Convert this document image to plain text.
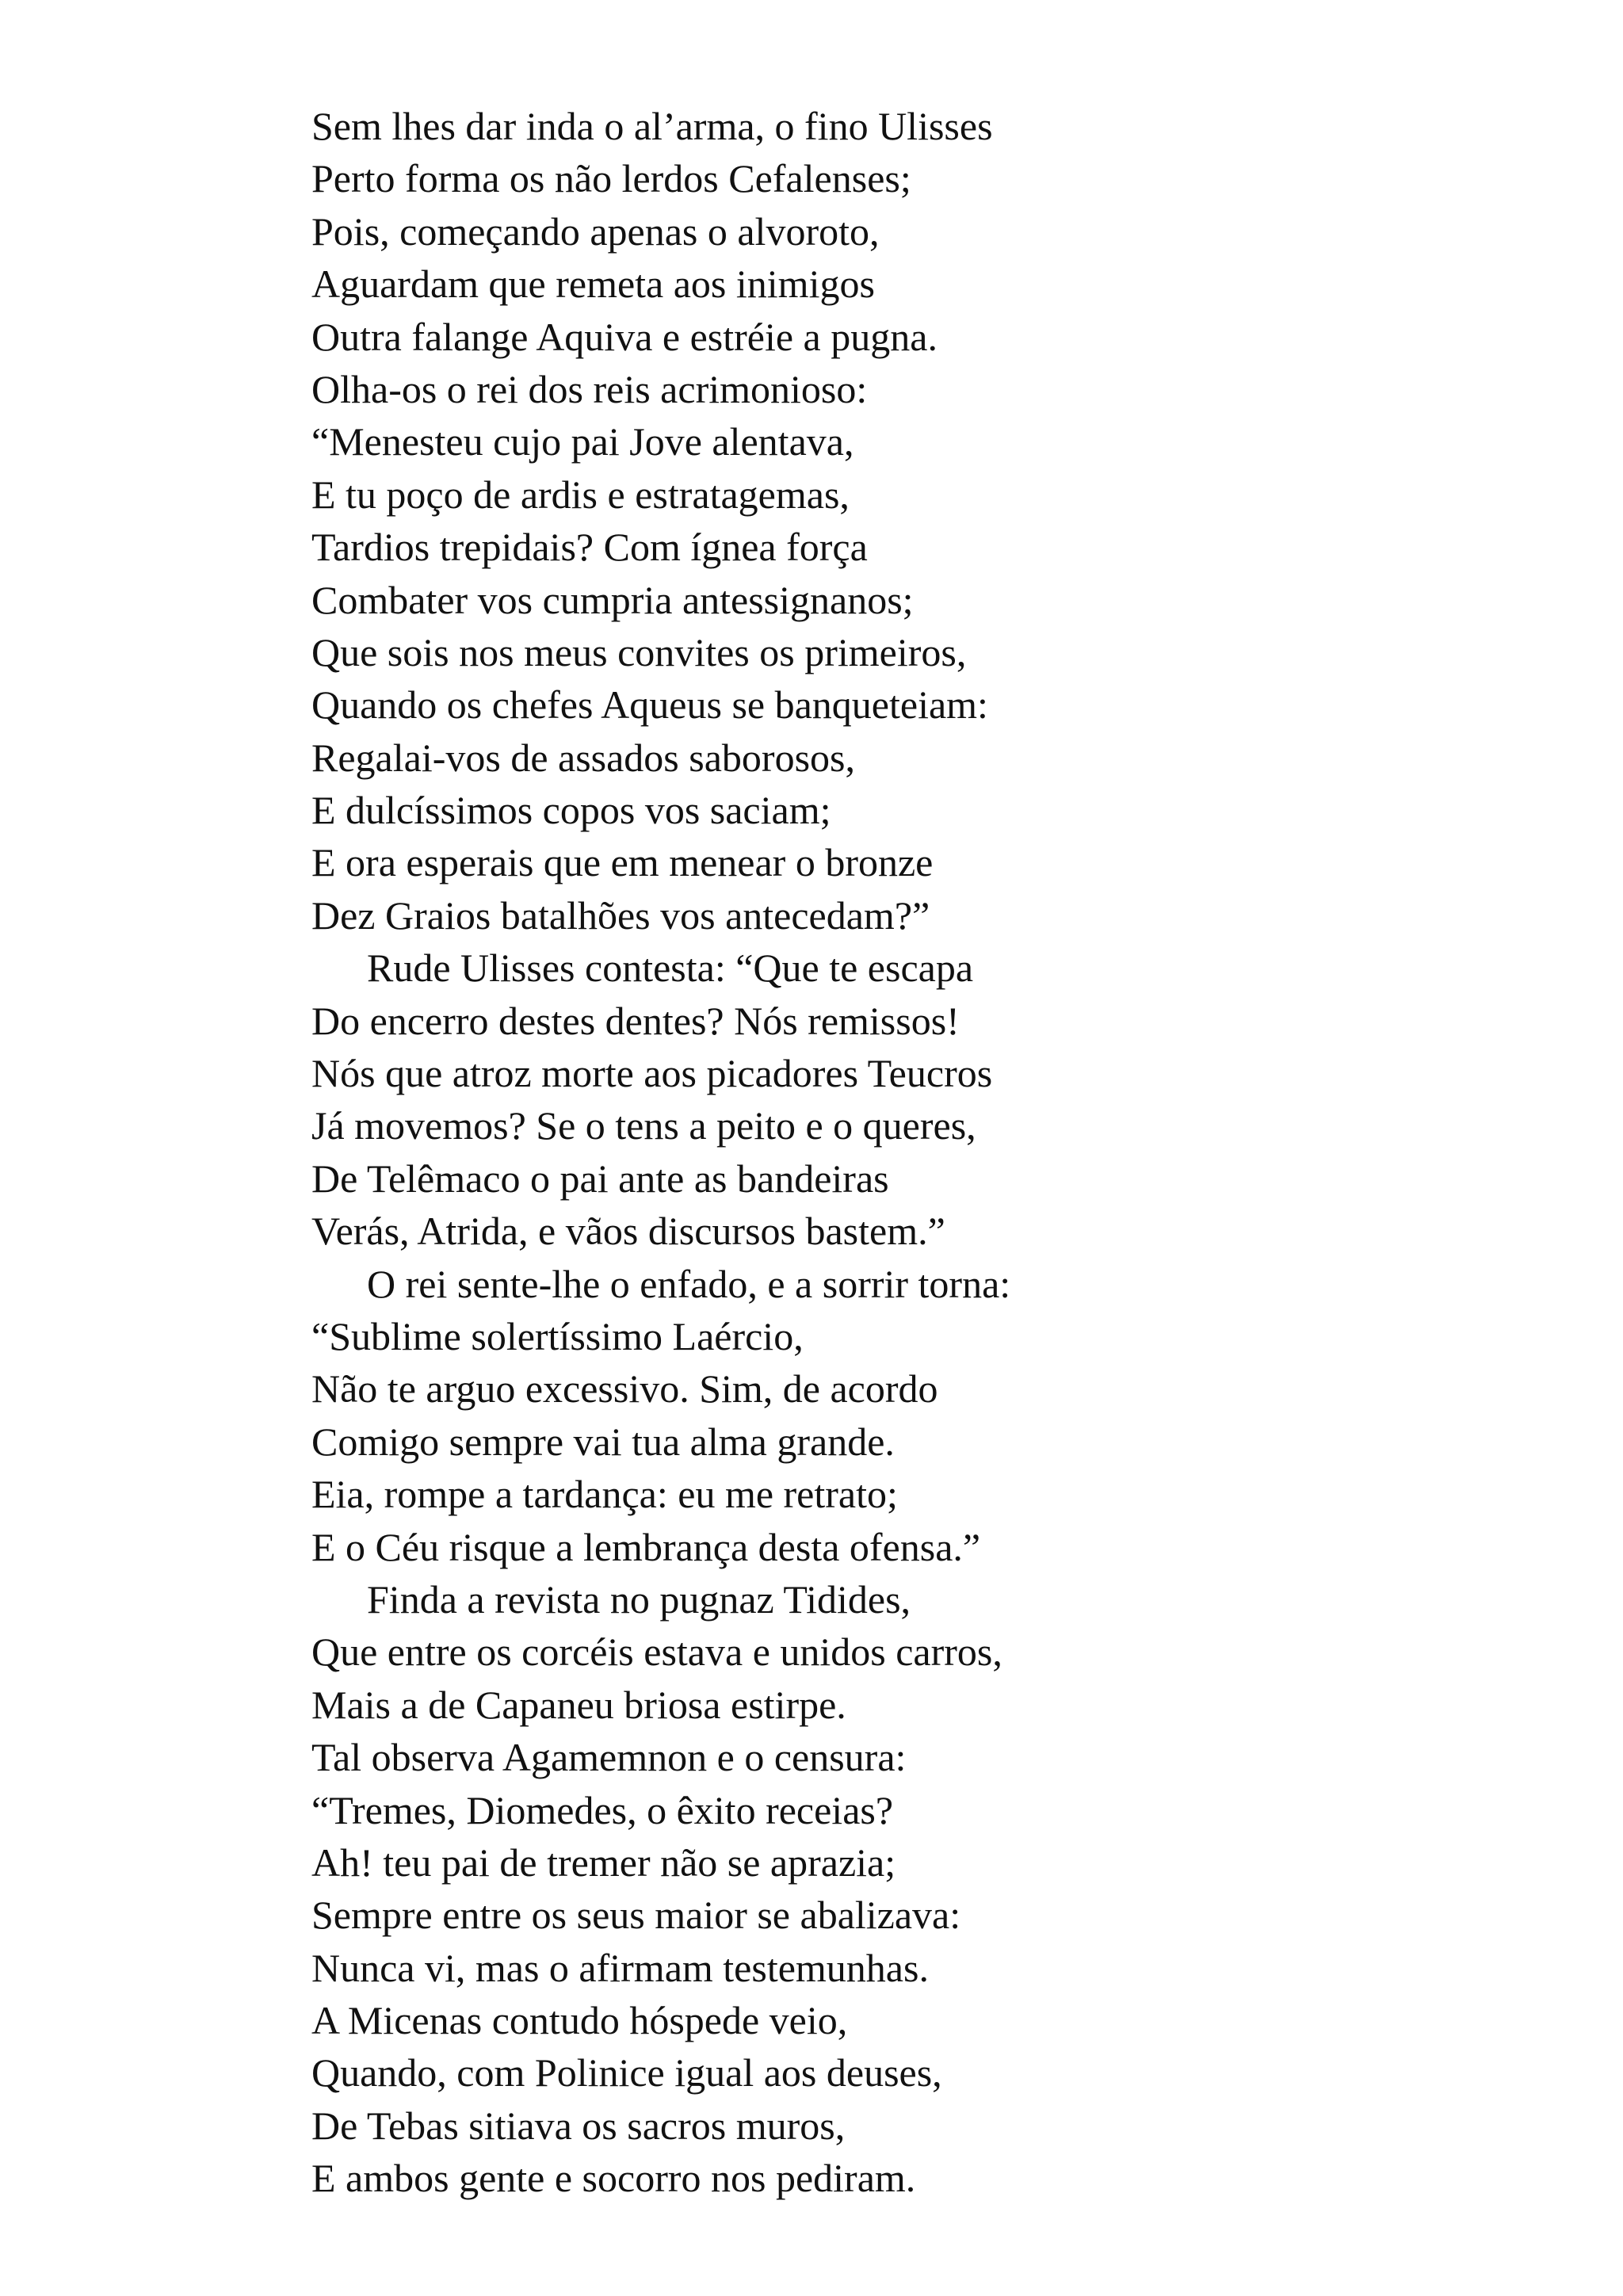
Sem lhes dar inda o al’arma, o fino Ulisses
Perto forma os não lerdos Cefalenses;
Pois, começando apenas o alvoroto,
Aguardam que remeta aos inimigos
Outra falange Aquiva e estréie a pugna.
Olha-os o rei dos reis acrimonioso:
“Menesteu cujo pai Jove alentava,
E tu poço de ardis e estratagemas,
Tardios trepidais? Com ígnea força
Combater vos cumpria antessignanos;
Que sois nos meus convites os primeiros,
Quando os chefes Aqueus se banqueteiam:
Regalai-vos de assados saborosos,
E dulcíssimos copos vos saciam;
E ora esperais que em menear o bronze
Dez Graios batalhões vos antecedam?”
Rude Ulisses contesta: “Que te escapa
Do encerro destes dentes? Nós remissos!
Nós que atroz morte aos picadores Teucros
Já movemos? Se o tens a peito e o queres,
De Telêmaco o pai ante as bandeiras
Verás, Atrida, e vãos discursos bastem.”
O rei sente-lhe o enfado, e a sorrir torna:
“Sublime solertíssimo Laércio,
Não te arguo excessivo. Sim, de acordo
Comigo sempre vai tua alma grande.
Eia, rompe a tardança: eu me retrato;
E o Céu risque a lembrança desta ofensa.”
Finda a revista no pugnaz Tidides,
Que entre os corcéis estava e unidos carros,
Mais a de Capaneu briosa estirpe.
Tal observa Agamemnon e o censura:
“Tremes, Diomedes, o êxito receias?
Ah! teu pai de tremer não se aprazia;
Sempre entre os seus maior se abalizava:
Nunca vi, mas o afirmam testemunhas.
A Micenas contudo hóspede veio,
Quando, com Polinice igual aos deuses,
De Tebas sitiava os sacros muros,
E ambos gente e socorro nos pediram.
